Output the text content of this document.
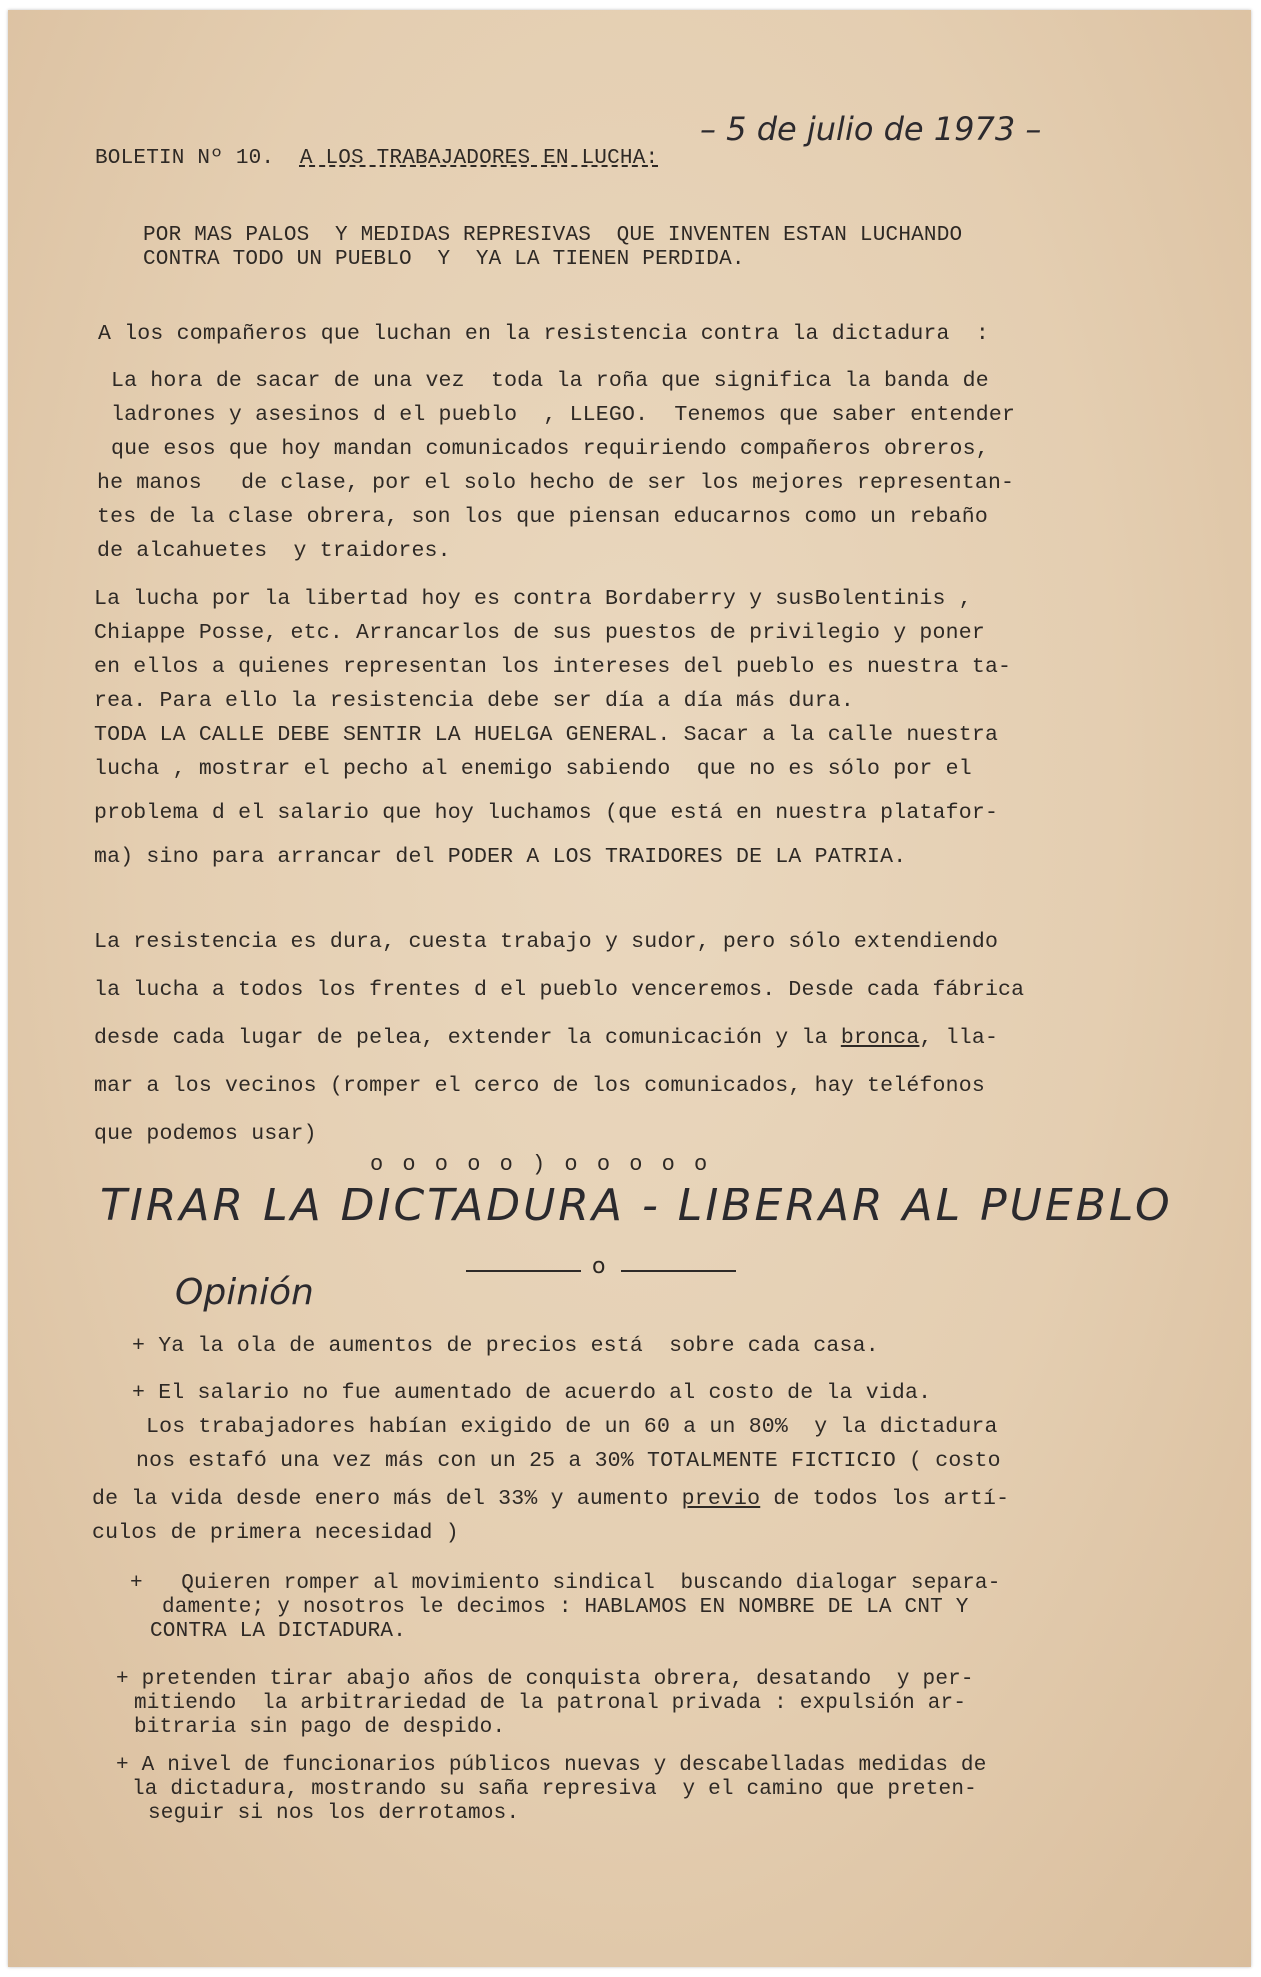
– 5 de julio de 1973 –

BOLETIN Nº 10. A LOS TRABAJADORES EN LUCHA:

POR MAS PALOS  Y MEDIDAS REPRESIVAS  QUE INVENTEN ESTAN LUCHANDO

CONTRA TODO UN PUEBLO  Y  YA LA TIENEN PERDIDA.

A los compañeros que luchan en la resistencia contra la dictadura  :

La hora de sacar de una vez  toda la roña que significa la banda de

ladrones y asesinos d el pueblo  , LLEGO.  Tenemos que saber entender

que esos que hoy mandan comunicados requiriendo compañeros obreros,

he manos   de clase, por el solo hecho de ser los mejores representan-

tes de la clase obrera, son los que piensan educarnos como un rebaño

de alcahuetes  y traidores.

La lucha por la libertad hoy es contra Bordaberry y susBolentinis ,

Chiappe Posse, etc. Arrancarlos de sus puestos de privilegio y poner

en ellos a quienes representan los intereses del pueblo es nuestra ta-

rea. Para ello la resistencia debe ser día a día más dura.

TODA LA CALLE DEBE SENTIR LA HUELGA GENERAL. Sacar a la calle nuestra

lucha , mostrar el pecho al enemigo sabiendo  que no es sólo por el

problema d el salario que hoy luchamos (que está en nuestra platafor-

ma) sino para arrancar del PODER A LOS TRAIDORES DE LA PATRIA.

La resistencia es dura, cuesta trabajo y sudor, pero sólo extendiendo

la lucha a todos los frentes d el pueblo venceremos. Desde cada fábrica

desde cada lugar de pelea, extender la comunicación y la bronca, lla-

mar a los vecinos (romper el cerco de los comunicados, hay teléfonos

que podemos usar)

o o o o o ) o o o o o

TIRAR LA DICTADURA - LIBERAR AL PUEBLO

o

Opinión

+ Ya la ola de aumentos de precios está  sobre cada casa.

+ El salario no fue aumentado de acuerdo al costo de la vida.

Los trabajadores habían exigido de un 60 a un 80%  y la dictadura

nos estafó una vez más con un 25 a 30% TOTALMENTE FICTICIO ( costo

de la vida desde enero más del 33% y aumento previo de todos los artí-

culos de primera necesidad )

+   Quieren romper al movimiento sindical  buscando dialogar separa-

damente; y nosotros le decimos : HABLAMOS EN NOMBRE DE LA CNT Y

CONTRA LA DICTADURA.

+ pretenden tirar abajo años de conquista obrera, desatando  y per-

mitiendo  la arbitrariedad de la patronal privada : expulsión ar-

bitraria sin pago de despido.

+ A nivel de funcionarios públicos nuevas y descabelladas medidas de

la dictadura, mostrando su saña represiva  y el camino que preten-

seguir si nos los derrotamos.
